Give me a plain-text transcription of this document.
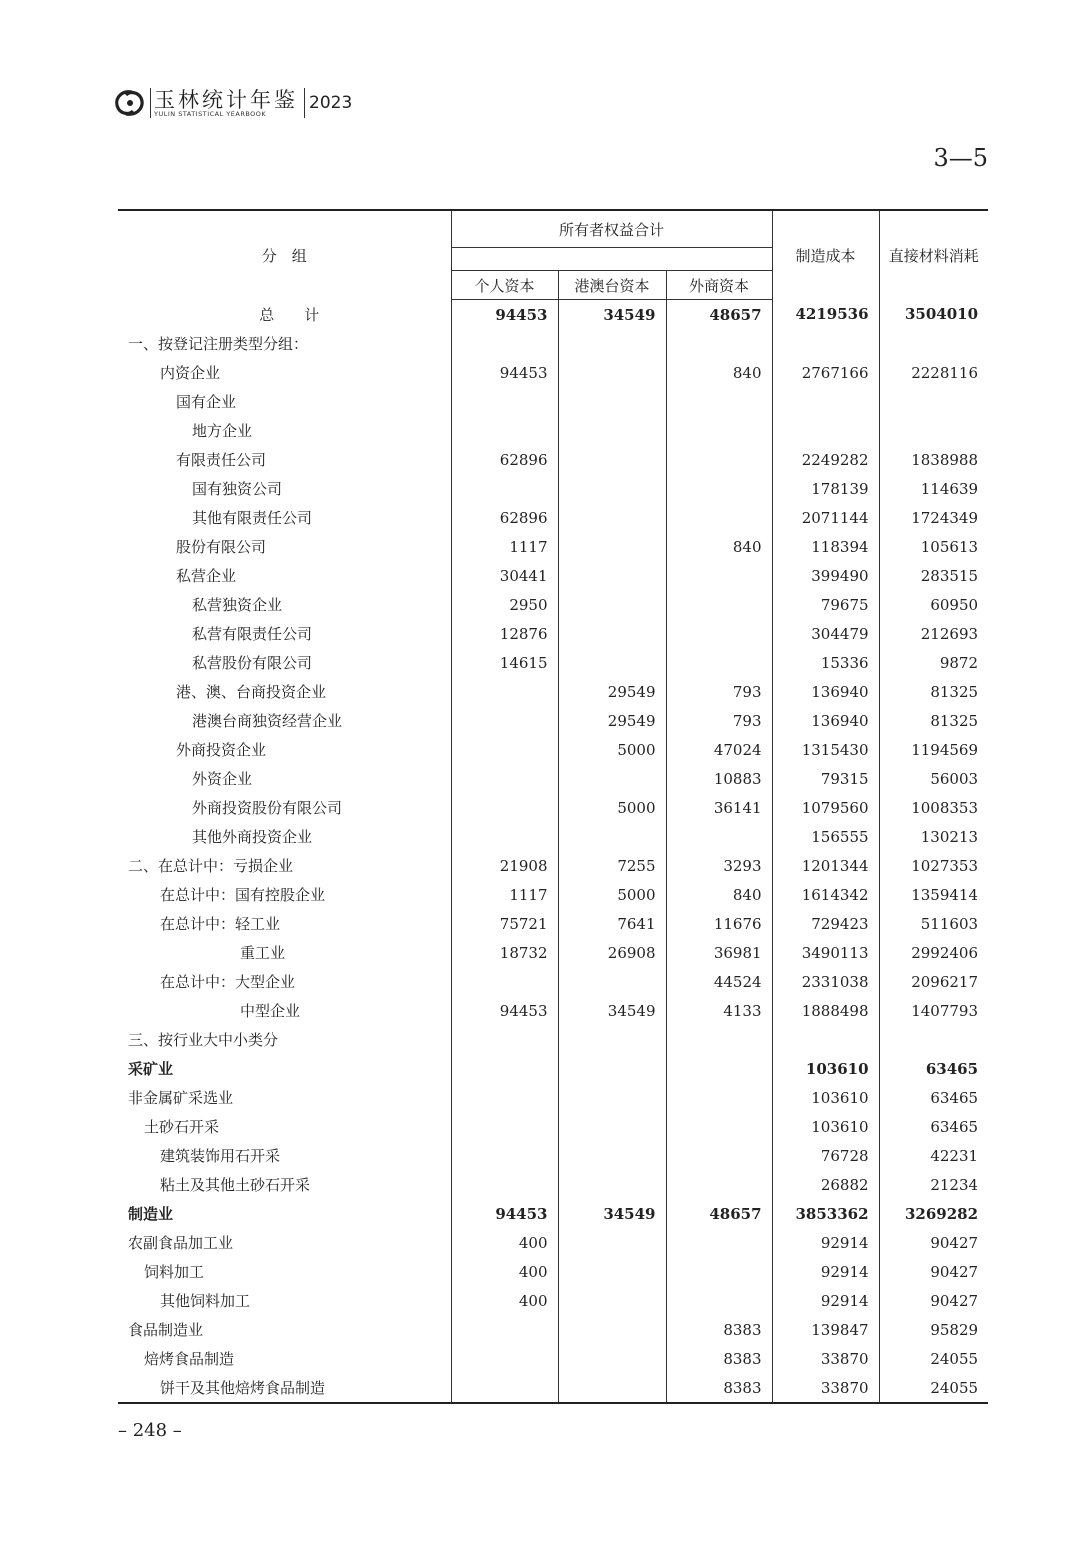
玉林统计年鉴
YULIN STATISTICAL YEARBOOK
2023
3—5
分　组	所有者权益合计			制造成本	直接材料消耗

	个人资本	港澳台资本	外商资本		
总　　计	94453	34549	48657	4219536	3504010
一、按登记注册类型分组：					
内资企业	94453		840	2767166	2228116
国有企业					
地方企业					
有限责任公司	62896			2249282	1838988
国有独资公司				178139	114639
其他有限责任公司	62896			2071144	1724349
股份有限公司	1117		840	118394	105613
私营企业	30441			399490	283515
私营独资企业	2950			79675	60950
私营有限责任公司	12876			304479	212693
私营股份有限公司	14615			15336	9872
港、澳、台商投资企业		29549	793	136940	81325
港澳台商独资经营企业		29549	793	136940	81325
外商投资企业		5000	47024	1315430	1194569
外资企业			10883	79315	56003
外商投资股份有限公司		5000	36141	1079560	1008353
其他外商投资企业				156555	130213
二、在总计中：亏损企业	21908	7255	3293	1201344	1027353
在总计中：国有控股企业	1117	5000	840	1614342	1359414
在总计中：轻工业	75721	7641	11676	729423	511603
重工业	18732	26908	36981	3490113	2992406
在总计中：大型企业			44524	2331038	2096217
中型企业	94453	34549	4133	1888498	1407793
三、按行业大中小类分					
采矿业				103610	63465
非金属矿采选业				103610	63465
土砂石开采				103610	63465
建筑装饰用石开采				76728	42231
粘土及其他土砂石开采				26882	21234
制造业	94453	34549	48657	3853362	3269282
农副食品加工业	400			92914	90427
饲料加工	400			92914	90427
其他饲料加工	400			92914	90427
食品制造业			8383	139847	95829
焙烤食品制造			8383	33870	24055
饼干及其他焙烤食品制造			8383	33870	24055
– 248 –
